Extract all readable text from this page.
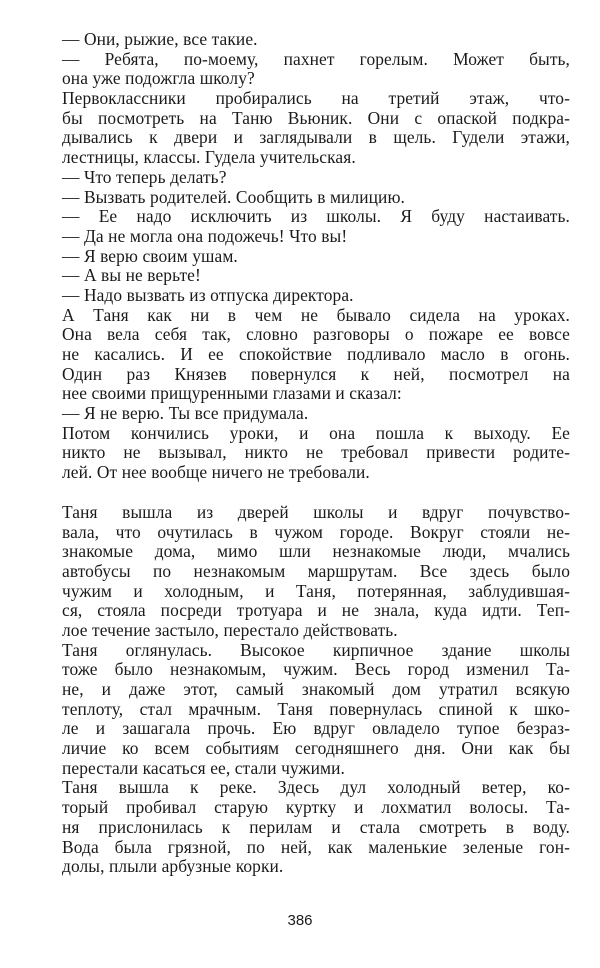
— Они, рыжие, все такие.
— Ребята, по-моему, пахнет горелым. Может быть,
она уже подожгла школу?
Первоклассники пробирались на третий этаж, что-
бы посмотреть на Таню Вьюник. Они с опаской подкра-
дывались к двери и заглядывали в щель. Гудели этажи,
лестницы, классы. Гудела учительская.
— Что теперь делать?
— Вызвать родителей. Сообщить в милицию.
— Ее надо исключить из школы. Я буду настаивать.
— Да не могла она подожечь! Что вы!
— Я верю своим ушам.
— А вы не верьте!
— Надо вызвать из отпуска директора.
А Таня как ни в чем не бывало сидела на уроках.
Она вела себя так, словно разговоры о пожаре ее вовсе
не касались. И ее спокойствие подливало масло в огонь.
Один раз Князев повернулся к ней, посмотрел на
нее своими прищуренными глазами и сказал:
— Я не верю. Ты все придумала.
Потом кончились уроки, и она пошла к выходу. Ее
никто не вызывал, никто не требовал привести родите-
лей. От нее вообще ничего не требовали.
Таня вышла из дверей школы и вдруг почувство-
вала, что очутилась в чужом городе. Вокруг стояли не-
знакомые дома, мимо шли незнакомые люди, мчались
автобусы по незнакомым маршрутам. Все здесь было
чужим и холодным, и Таня, потерянная, заблудившая-
ся, стояла посреди тротуара и не знала, куда идти. Теп-
лое течение застыло, перестало действовать.
Таня оглянулась. Высокое кирпичное здание школы
тоже было незнакомым, чужим. Весь город изменил Та-
не, и даже этот, самый знакомый дом утратил всякую
теплоту, стал мрачным. Таня повернулась спиной к шко-
ле и зашагала прочь. Ею вдруг овладело тупое безраз-
личие ко всем событиям сегодняшнего дня. Они как бы
перестали касаться ее, стали чужими.
Таня вышла к реке. Здесь дул холодный ветер, ко-
торый пробивал старую куртку и лохматил волосы. Та-
ня прислонилась к перилам и стала смотреть в воду.
Вода была грязной, по ней, как маленькие зеленые гон-
долы, плыли арбузные корки.
386
